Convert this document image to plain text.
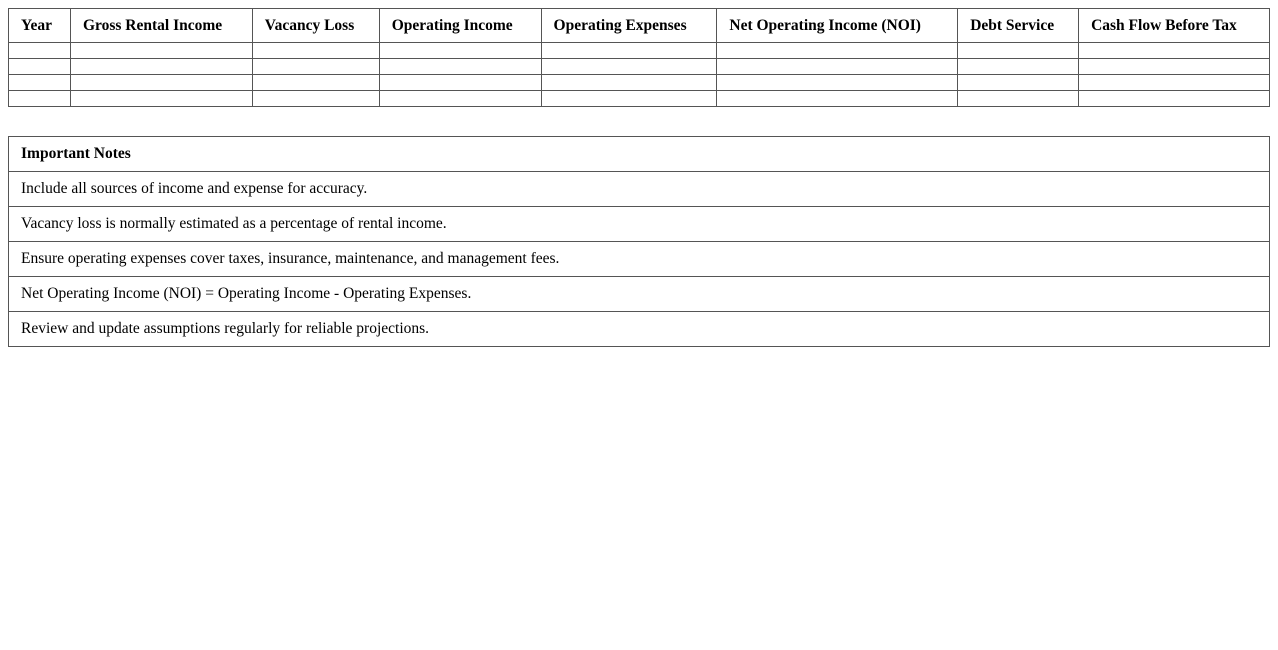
Year	Gross Rental Income	Vacancy Loss	Operating Income	Operating Expenses	Net Operating Income (NOI)	Debt Service	Cash Flow Before Tax

Important Notes
Include all sources of income and expense for accuracy.
Vacancy loss is normally estimated as a percentage of rental income.
Ensure operating expenses cover taxes, insurance, maintenance, and management fees.
Net Operating Income (NOI) = Operating Income - Operating Expenses.
Review and update assumptions regularly for reliable projections.
